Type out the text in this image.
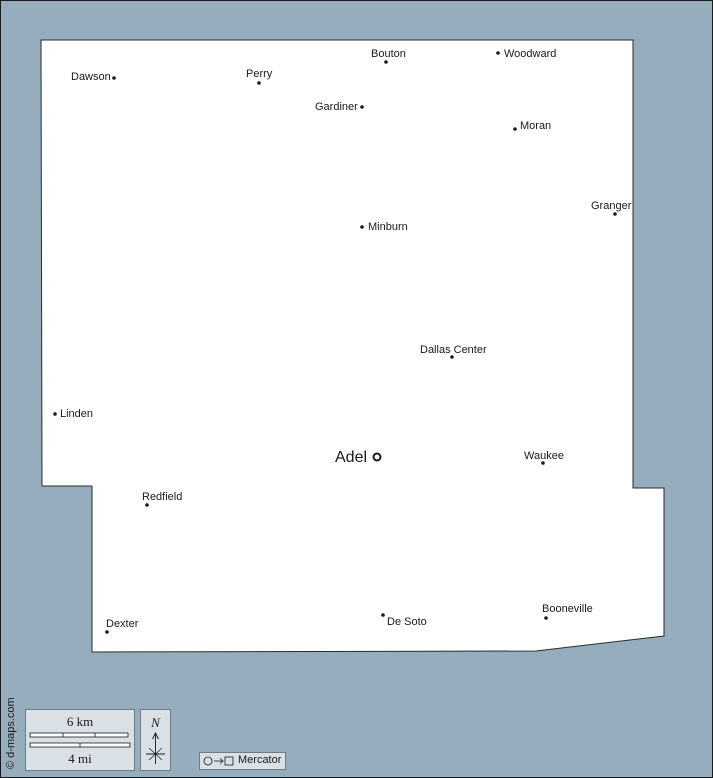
Bouton	Woodward
Dawson	Perry
Gardiner
Moran
Granger
Minburn
Dallas Center
Linden
Waukee
Redfield
Dexter	De Soto
Booneville
Adel
© d-maps.com	6 km
4 mi
N
Mercator
